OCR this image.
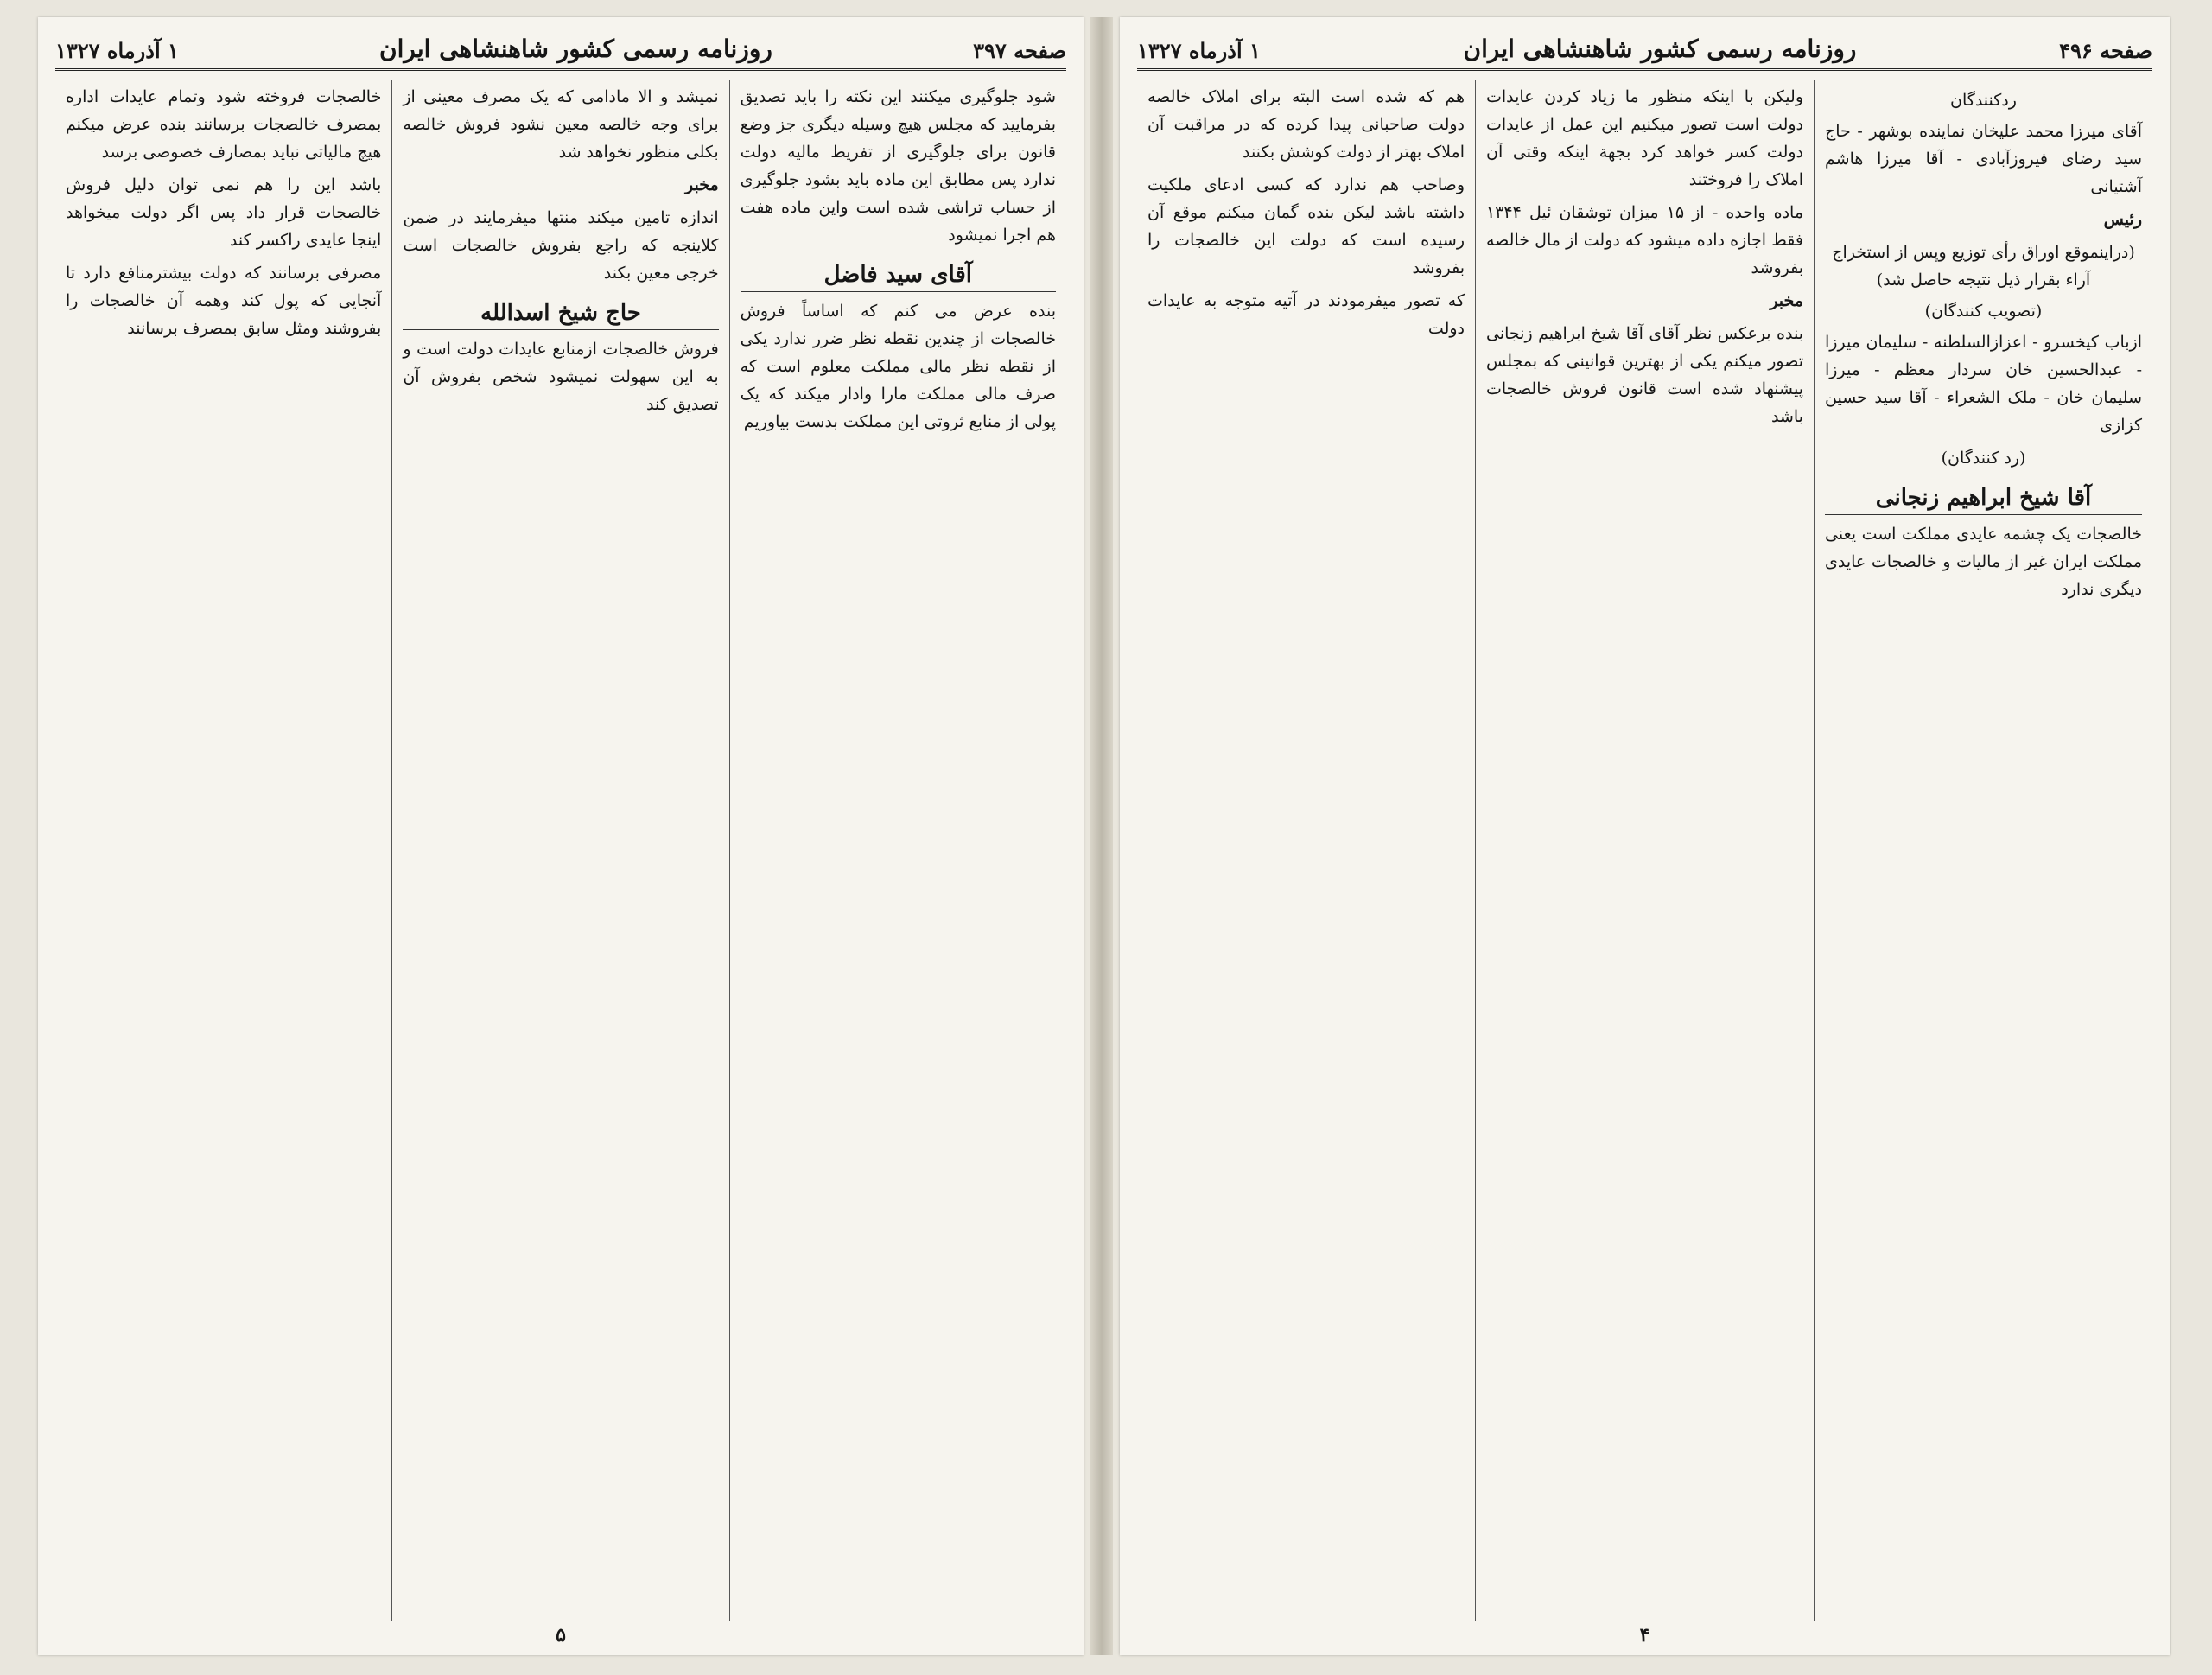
صفحه ۳۹۷
روزنامه رسمی کشور شاهنشاهی ایران
۱ آذرماه ۱۳۲۷

شود جلوگیری میکنند این نکته را باید تصدیق بفرمایید که مجلس هیچ وسیله دیگری جز وضع قانون برای جلوگیری از تفریط مالیه دولت ندارد پس مطابق این ماده باید بشود جلوگیری از حساب تراشی شده است واین ماده هفت هم اجرا نمیشود

آقای سید فاضل

بنده عرض می کنم که اساساً فروش خالصجات از چندین نقطه نظر ضرر ندارد یکی از نقطه نظر مالی مملکت معلوم است که صرف مالی مملکت مارا وادار میکند که یک پولی از منابع ثروتی این مملکت بدست بیاوریم

نمیشد و الا مادامی که یک مصرف معینی از برای وجه خالصه معین نشود فروش خالصه بکلی منظور نخواهد شد

مخبر

اندازه تامین میکند منتها میفرمایند در ضمن کلاینجه که راجع بفروش خالصجات است خرجی معین بکند

حاج شیخ اسدالله

فروش خالصجات ازمنابع عایدات دولت است و به این سهولت نمیشود شخص بفروش آن تصدیق کند

خالصجات فروخته شود وتمام عایدات اداره بمصرف خالصجات برسانند بنده عرض میکنم هیچ مالیاتی نباید بمصارف خصوصی برسد

باشد این را هم نمی توان دلیل فروش خالصجات قرار داد پس اگر دولت میخواهد اینجا عایدی راکسر کند

مصرفی برسانند که دولت بیشترمنافع دارد تا آنجایی که پول کند وهمه آن خالصجات را بفروشند ومثل سابق بمصرف برسانند

۵
صفحه ۴۹۶
روزنامه رسمی کشور شاهنشاهی ایران
۱ آذرماه ۱۳۲۷
ردکنندگان

آقای میرزا محمد علیخان نماینده بوشهر - حاج سید رضای فیروزآبادی - آقا میرزا هاشم آشتیانی

رئیس

(دراینموقع اوراق رأی توزیع وپس از استخراج آراء بقرار ذیل نتیجه حاصل شد)
(تصویب کنندگان)

ازباب کیخسرو - اعزازالسلطنه - سلیمان میرزا - عبدالحسین خان سردار معظم - میرزا سلیمان خان - ملک الشعراء - آقا سید حسین کزازی

(رد کنندگان)
آقا شیخ ابراهیم زنجانی

خالصجات یک چشمه عایدی مملکت است یعنی مملکت ایران غیر از مالیات و خالصجات عایدی دیگری ندارد

ولیکن با اینکه منظور ما زیاد کردن عایدات دولت است تصور میکنیم این عمل از عایدات دولت کسر خواهد کرد بجهة اینکه وقتی آن املاک را فروختند

ماده واحده - از ۱۵ میزان توشقان ئیل ۱۳۴۴ فقط اجازه داده میشود که دولت از مال خالصه بفروشد

مخبر

بنده برعکس نظر آقای آقا شیخ ابراهیم زنجانی تصور میکنم یکی از بهترین قوانینی که بمجلس پیشنهاد شده است قانون فروش خالصجات باشد

هم که شده است البته برای املاک خالصه دولت صاحبانی پیدا کرده که در مراقبت آن املاک بهتر از دولت کوشش بکنند

وصاحب هم ندارد که کسی ادعای ملکیت داشته باشد لیکن بنده گمان میکنم موقع آن رسیده است که دولت این خالصجات را بفروشد

که تصور میفرمودند در آتیه متوجه به عایدات دولت

۴
